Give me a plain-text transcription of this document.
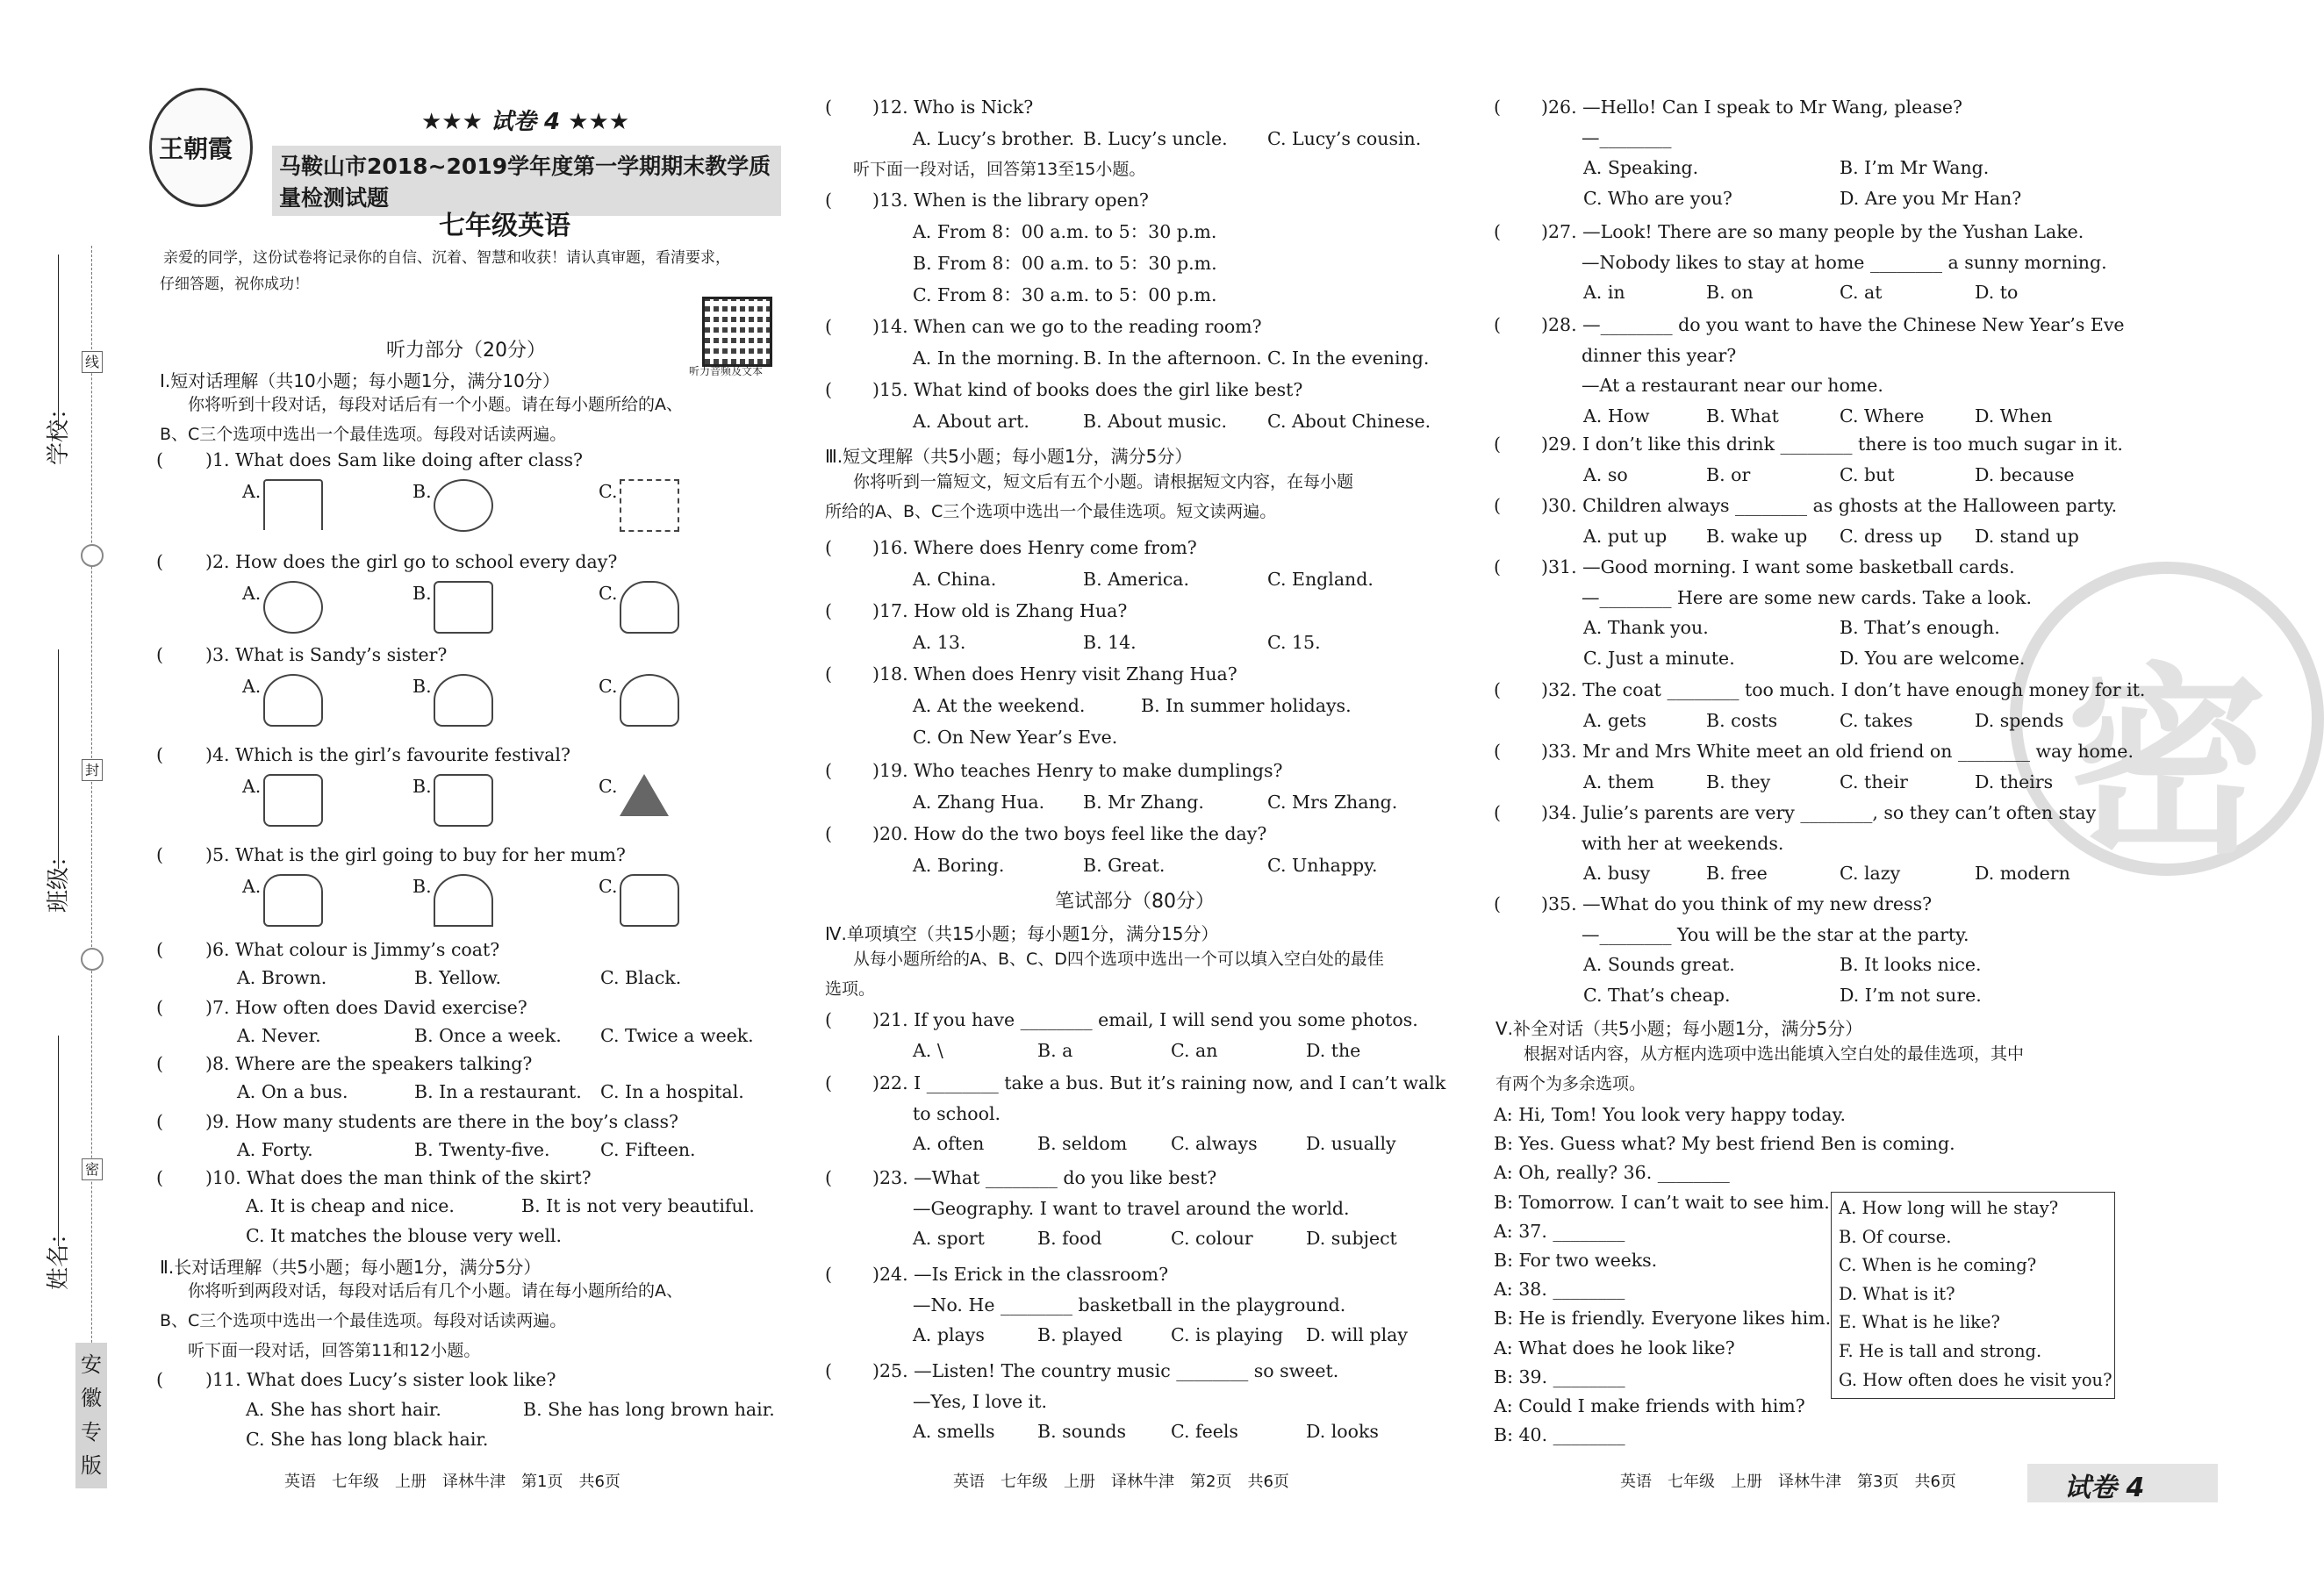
线
封
密
学校：
班级：
姓名：
安
徽
专
版
王朝霞
★★★ 试卷 4 ★★★
马鞍山市2018~2019学年度第一学期期末教学质量检测试题
七年级英语
亲爱的同学，这份试卷将记录你的自信、沉着、智慧和收获！请认真审题，看清要求，
仔细答题，祝你成功！
听力音频及文本
听力部分（20分）
Ⅰ.短对话理解（共10小题；每小题1分，满分10分）
你将听到十段对话，每段对话后有一个小题。请在每小题所给的A、
B、C三个选项中选出一个最佳选项。每段对话读两遍。
( )1. What does Sam like doing after class?
A.	B.	C.
( )2. How does the girl go to school every day?
A.	B.	C.
( )3. What is Sandy’s sister?
A.	B.	C.
( )4. Which is the girl’s favourite festival?
A.	B.	C.
( )5. What is the girl going to buy for her mum?
A.	B.	C.
( )6. What colour is Jimmy’s coat?
A. Brown.	B. Yellow.	C. Black.
( )7. How often does David exercise?
A. Never.	B. Once a week. C. Twice a week.
( )8. Where are the speakers talking?
A. On a bus.	B. In a restaurant. C. In a hospital.
( )9. How many students are there in the boy’s class?
A. Forty.	B. Twenty-five.	C. Fifteen.
( )10. What does the man think of the skirt?
A. It is cheap and nice.	B. It is not very beautiful.
C. It matches the blouse very well.
Ⅱ.长对话理解（共5小题；每小题1分，满分5分）
你将听到两段对话，每段对话后有几个小题。请在每小题所给的A、
B、C三个选项中选出一个最佳选项。每段对话读两遍。
听下面一段对话，回答第11和12小题。
( )11. What does Lucy’s sister look like?
A. She has short hair.	B. She has long brown hair.
C. She has long black hair.
英语　七年级　上册　译林牛津　第1页　共6页
( )12. Who is Nick?
A. Lucy’s brother. B. Lucy’s uncle. C. Lucy’s cousin.
听下面一段对话，回答第13至15小题。
( )13. When is the library open?
A. From 8：00 a.m. to 5：30 p.m.
B. From 8：00 a.m. to 5：30 p.m.
C. From 8：30 a.m. to 5：00 p.m.
( )14. When can we go to the reading room?
A. In the morning. B. In the afternoon. C. In the evening.
( )15. What kind of books does the girl like best?
A. About art.	B. About music. C. About Chinese.
Ⅲ.短文理解（共5小题；每小题1分，满分5分）
你将听到一篇短文，短文后有五个小题。请根据短文内容，在每小题
所给的A、B、C三个选项中选出一个最佳选项。短文读两遍。
( )16. Where does Henry come from?
A. China.	B. America.	C. England.
( )17. How old is Zhang Hua?
A. 13.	B. 14.	C. 15.
( )18. When does Henry visit Zhang Hua?
A. At the weekend.	B. In summer holidays.
C. On New Year’s Eve.
( )19. Who teaches Henry to make dumplings?
A. Zhang Hua. B. Mr Zhang.	C. Mrs Zhang.
( )20. How do the two boys feel like the day?
A. Boring.	B. Great.	C. Unhappy.
笔试部分（80分）
Ⅳ.单项填空（共15小题；每小题1分，满分15分）
从每小题所给的A、B、C、D四个选项中选出一个可以填入空白处的最佳
选项。
( )21. If you have ________ email, I will send you some photos.
A. \	B. a	C. an	D. the
( )22. I ________ take a bus. But it’s raining now, and I can’t walk
to school.
A. often	B. seldom C. always	D. usually
( )23. —What ________ do you like best?
—Geography. I want to travel around the world.
A. sport	B. food	C. colour	D. subject
( )24. —Is Erick in the classroom?
—No. He ________ basketball in the playground.
A. plays	B. played	C. is playing D. will play
( )25. —Listen! The country music ________ so sweet.
—Yes, I love it.
A. smells B. sounds C. feels	D. looks
英语　七年级　上册　译林牛津　第2页　共6页
密
( )26. —Hello! Can I speak to Mr Wang, please?
—________
A. Speaking.	B. I’m Mr Wang.
C. Who are you?	D. Are you Mr Han?
( )27. —Look! There are so many people by the Yushan Lake.
—Nobody likes to stay at home ________ a sunny morning.
A. in	B. on	C. at	D. to
( )28. —________ do you want to have the Chinese New Year’s Eve
dinner this year?
—At a restaurant near our home.
A. How	B. What	C. Where	D. When
( )29. I don’t like this drink ________ there is too much sugar in it.
A. so	B. or	C. but	D. because
( )30. Children always ________ as ghosts at the Halloween party.
A. put up B. wake up C. dress up D. stand up
( )31. —Good morning. I want some basketball cards.
—________ Here are some new cards. Take a look.
A. Thank you.	B. That’s enough.
C. Just a minute.	D. You are welcome.
( )32. The coat ________ too much. I don’t have enough money for it.
A. gets	B. costs	C. takes	D. spends
( )33. Mr and Mrs White meet an old friend on ________ way home.
A. them	B. they	C. their	D. theirs
( )34. Julie’s parents are very ________, so they can’t often stay
with her at weekends.
A. busy	B. free	C. lazy	D. modern
( )35. —What do you think of my new dress?
—________ You will be the star at the party.
A. Sounds great.	B. It looks nice.
C. That’s cheap.	D. I’m not sure.
Ⅴ.补全对话（共5小题；每小题1分，满分5分）
根据对话内容，从方框内选项中选出能填入空白处的最佳选项，其中
有两个为多余选项。
A: Hi, Tom! You look very happy today.
B: Yes. Guess what? My best friend Ben is coming.
A: Oh, really? 36. ________
B: Tomorrow. I can’t wait to see him.
A: 37. ________
B: For two weeks.
A: 38. ________
B: He is friendly. Everyone likes him.
A: What does he look like?
B: 39. ________
A: Could I make friends with him?
B: 40. ________
A. How long will he stay?
B. Of course.
C. When is he coming?
D. What is it?
E. What is he like?
F. He is tall and strong.
G. How often does he visit you?
英语　七年级　上册　译林牛津　第3页　共6页	试卷 4
